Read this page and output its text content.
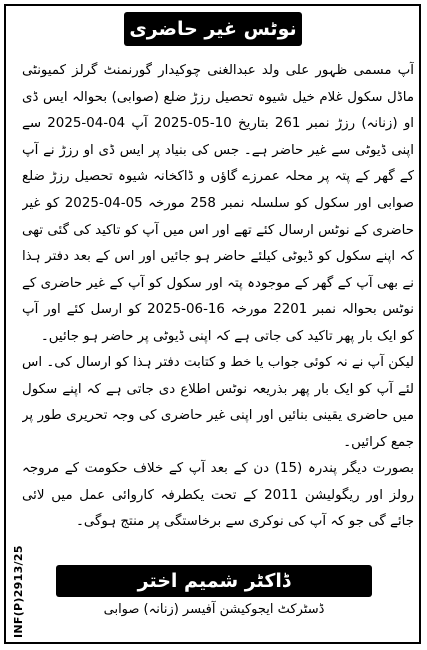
نوٹس غیر حاضری

آپ مسمی ظہور علی ولد عبدالغنی چوکیدار گورنمنٹ گرلز کمیونٹی ماڈل سکول غلام خیل شیوہ تحصیل رزڑ ضلع (صوابی) بحوالہ ایس ڈی او (زنانہ) رزڑ نمبر 261 بتاریخ 10-05-2025 آپ 04-04-2025 سے اپنی ڈیوٹی سے غیر حاضر ہے۔ جس کی بنیاد پر ایس ڈی او رزڑ نے آپ کے گھر کے پتہ پر محلہ عمرزے گاؤں و ڈاکخانہ شیوہ تحصیل رزڑ ضلع صوابی اور سکول کو سلسلہ نمبر 258 مورخہ 05-04-2025 کو غیر حاضری کے نوٹس ارسال کئے تھے اور اس میں آپ کو تاکید کی گئی تھی کہ اپنے سکول کو ڈیوٹی کیلئے حاضر ہو جائیں اور اس کے بعد دفتر ہذا نے بھی آپ کے گھر کے موجودہ پتہ اور سکول کو آپ کے غیر حاضری کے نوٹس بحوالہ نمبر 2201 مورخہ 16-06-2025 کو ارسل کئے اور آپ کو ایک بار پھر تاکید کی جاتی ہے کہ اپنی ڈیوٹی پر حاضر ہو جائیں۔

لیکن آپ نے نہ کوئی جواب یا خط و کتابت دفتر ہذا کو ارسال کی۔ اس لئے آپ کو ایک بار پھر بذریعہ نوٹس اطلاع دی جاتی ہے کہ اپنے سکول میں حاضری یقینی بنائیں اور اپنی غیر حاضری کی وجہ تحریری طور پر جمع کرائیں۔

بصورت دیگر پندرہ (15) دن کے بعد آپ کے خلاف حکومت کے مروجہ رولز اور ریگولیشن 2011 کے تحت یکطرفہ کاروائی عمل میں لائی جائے گی جو کہ آپ کی نوکری سے برخاستگی پر منتج ہوگی۔

ڈاکٹر شمیم اختر
ڈسٹرکٹ ایجوکیشن آفیسر (زنانہ) صوابی
INF(P)2913/25
